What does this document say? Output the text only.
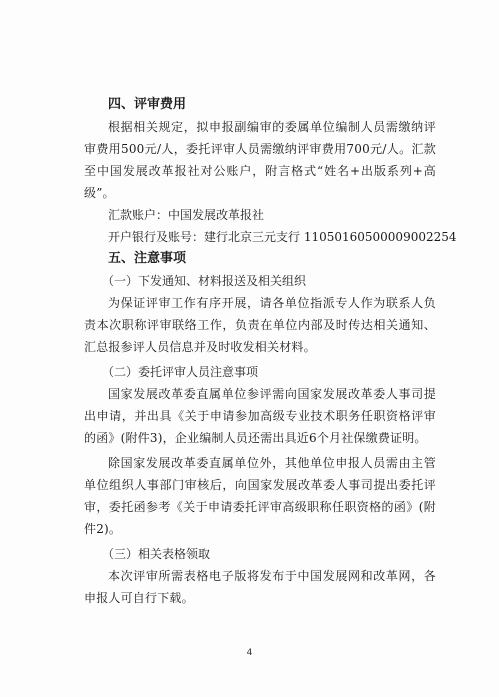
四、评审费用
根据相关规定，拟申报副编审的委属单位编制人员需缴纳评审费用500元/人，委托评审人员需缴纳评审费用700元/人。汇款至中国发展改革报社对公账户，附言格式“姓名+出版系列+高级”。
汇款账户：中国发展改革报社
开户银行及账号：建行北京三元支行 11050160500009002254
五、注意事项
（一）下发通知、材料报送及相关组织
为保证评审工作有序开展，请各单位指派专人作为联系人负责本次职称评审联络工作，负责在单位内部及时传达相关通知、汇总报参评人员信息并及时收发相关材料。
（二）委托评审人员注意事项
国家发展改革委直属单位参评需向国家发展改革委人事司提出申请，并出具《关于申请参加高级专业技术职务任职资格评审的函》(附件3)，企业编制人员还需出具近6个月社保缴费证明。
除国家发展改革委直属单位外，其他单位申报人员需由主管单位组织人事部门审核后，向国家发展改革委人事司提出委托评审，委托函参考《关于申请委托评审高级职称任职资格的函》(附件2)。
（三）相关表格领取
本次评审所需表格电子版将发布于中国发展网和改革网，各申报人可自行下载。
4
